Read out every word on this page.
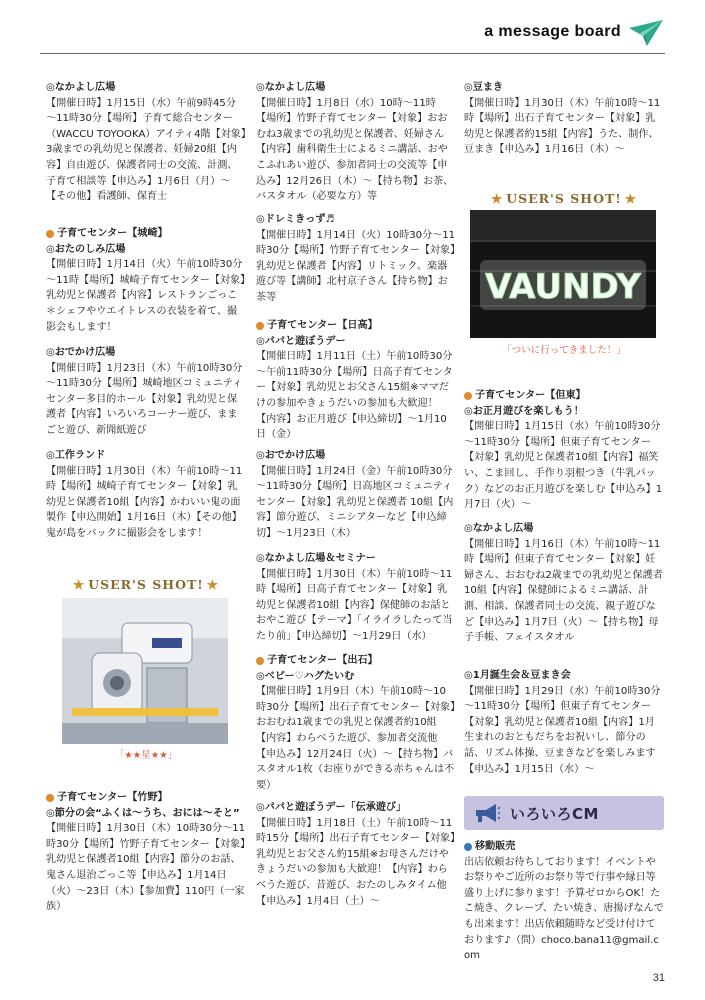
a message board
◎なかよし広場
【開催日時】1月15日（水）午前9時45分～11時30分【場所】子育て総合センター（WACCU TOYOOKA）アイティ4階【対象】3歳までの乳幼児と保護者、妊婦20組【内容】自由遊び、保護者同士の交流、計測、子育て相談等【申込み】1月6日（月）～【その他】看護師、保育士
子育てセンター【城崎】
◎おたのしみ広場
【開催日時】1月14日（火）午前10時30分～11時【場所】城崎子育てセンター【対象】乳幼児と保護者【内容】レストランごっこ＊シェフやウエイトレスの衣装を着て、撮影会もします！
◎おでかけ広場
【開催日時】1月23日（木）午前10時30分～11時30分【場所】城崎地区コミュニティセンター多目的ホール【対象】乳幼児と保護者【内容】いろいろコーナー遊び、ままごと遊び、新聞紙遊び
◎工作ランド
【開催日時】1月30日（木）午前10時～11時【場所】城崎子育てセンター【対象】乳幼児と保護者10組【内容】かわいい鬼の面製作【申込開始】1月16日（木）【その他】鬼が島をバックに撮影会をします！
★ USER'S SHOT! ★
「★★星★★」
子育てセンター【竹野】
◎節分の会“ふくは～うち、おには～そと”
【開催日時】1月30日（木）10時30分～11時30分【場所】竹野子育てセンター【対象】乳幼児と保護者10組【内容】節分のお話、鬼さん退治ごっこ等【申込み】1月14日（火）～23日（木）【参加費】110円（一家族）
◎なかよし広場
【開催日時】1月8日（水）10時～11時【場所】竹野子育てセンター【対象】おおむね3歳までの乳幼児と保護者、妊婦さん【内容】歯科衛生士によるミニ講話、おやこふれあい遊び、参加者同士の交流等【申込み】12月26日（木）～【持ち物】お茶、バスタオル（必要な方）等
◎ドレミきっず♬
【開催日時】1月14日（火）10時30分～11時30分【場所】竹野子育てセンター【対象】乳幼児と保護者【内容】リトミック、楽器遊び等【講師】北村京子さん【持ち物】お茶等
子育てセンター【日高】
◎パパと遊ぼうデー
【開催日時】1月11日（土）午前10時30分～午前11時30分【場所】日高子育てセンター【対象】乳幼児とお父さん15組※ママだけの参加やきょうだいの参加も大歓迎！【内容】お正月遊び【申込締切】～1月10日（金）
◎おでかけ広場
【開催日時】1月24日（金）午前10時30分～11時30分【場所】日高地区コミュニティセンター【対象】乳幼児と保護者 10組【内容】節分遊び、ミニシアターなど【申込締切】～1月23日（木）
◎なかよし広場＆セミナー
【開催日時】1月30日（木）午前10時～11時【場所】日高子育てセンター【対象】乳幼児と保護者10組【内容】保健師のお話とおやこ遊び【テーマ】「イライラしたって当たり前」【申込締切】～1月29日（水）
子育てセンター【出石】
◎ベビー♡ハグたいむ
【開催日時】1月9日（木）午前10時～10時30分【場所】出石子育てセンター【対象】おおむね1歳までの乳児と保護者約10組【内容】わらべうた遊び、参加者交流他【申込み】12月24日（火）～【持ち物】バスタオル1枚（お座りができる赤ちゃんは不要）
◎パパと遊ぼうデー「伝承遊び」
【開催日時】1月18日（土）午前10時～11時15分【場所】出石子育てセンター【対象】乳幼児とお父さん約15組※お母さんだけやきょうだいの参加も大歓迎！【内容】わらべうた遊び、昔遊び、おたのしみタイム他【申込み】1月4日（土）～
◎豆まき
【開催日時】1月30日（木）午前10時～11時【場所】出石子育てセンター【対象】乳幼児と保護者約15組【内容】うた、制作、豆まき【申込み】1月16日（木）～
★ USER'S SHOT! ★
VAUNDY
「ついに行ってきました！」
子育てセンター【但東】
◎お正月遊びを楽しもう！
【開催日時】1月15日（水）午前10時30分～11時30分【場所】但東子育てセンター【対象】乳幼児と保護者10組【内容】福笑い、こま回し、手作り羽根つき（牛乳パック）などのお正月遊びを楽しむ【申込み】1月7日（火）～
◎なかよし広場
【開催日時】1月16日（木）午前10時～11時【場所】但東子育てセンター【対象】妊婦さん、おおむね2歳までの乳幼児と保護者10組【内容】保健師によるミニ講話、計測、相談、保護者同士の交流、親子遊びなど【申込み】1月7日（火）～【持ち物】母子手帳、フェイスタオル
◎1月誕生会＆豆まき会
【開催日時】1月29日（水）午前10時30分～11時30分【場所】但東子育てセンター【対象】乳幼児と保護者10組【内容】1月生まれのおともだちをお祝いし、節分の話、リズム体操、豆まきなどを楽しみます【申込み】1月15日（水）～
移動販売
出店依頼お待ちしております！イベントやお祭りやご近所のお祭り等で行事や縁日等盛り上げに参ります！予算ゼロからOK！たこ焼き、クレープ、たい焼き、唐揚げなんでも出来ます！出店依頼随時など受け付けております♪（問）choco.bana11@gmail.com
いろいろCM
31
